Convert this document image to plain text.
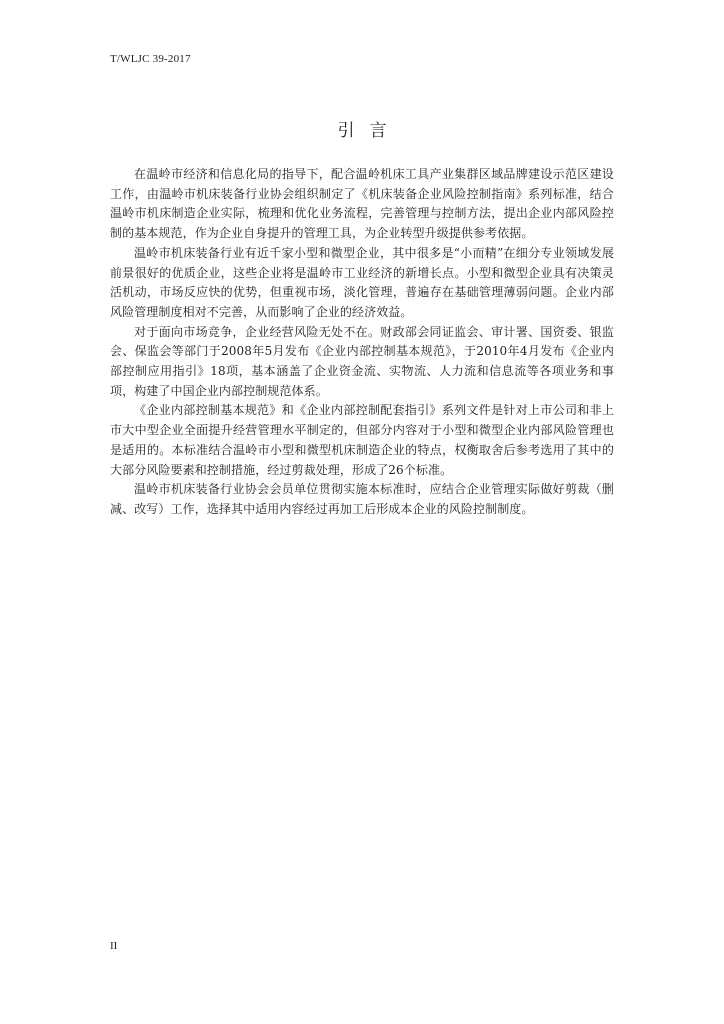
T/WLJC 39-2017
引言

在温岭市经济和信息化局的指导下，配合温岭机床工具产业集群区域品牌建设示范区建设工作，由温岭市机床装备行业协会组织制定了《机床装备企业风险控制指南》系列标准，结合温岭市机床制造企业实际，梳理和优化业务流程，完善管理与控制方法，提出企业内部风险控制的基本规范，作为企业自身提升的管理工具，为企业转型升级提供参考依据。

温岭市机床装备行业有近千家小型和微型企业，其中很多是“小而精”在细分专业领域发展前景很好的优质企业，这些企业将是温岭市工业经济的新增长点。小型和微型企业具有决策灵活机动，市场反应快的优势，但重视市场，淡化管理，普遍存在基础管理薄弱问题。企业内部风险管理制度相对不完善，从而影响了企业的经济效益。

对于面向市场竞争，企业经营风险无处不在。财政部会同证监会、审计署、国资委、银监会、保监会等部门于2008年5月发布《企业内部控制基本规范》，于2010年4月发布《企业内部控制应用指引》18项，基本涵盖了企业资金流、实物流、人力流和信息流等各项业务和事项，构建了中国企业内部控制规范体系。

《企业内部控制基本规范》和《企业内部控制配套指引》系列文件是针对上市公司和非上市大中型企业全面提升经营管理水平制定的，但部分内容对于小型和微型企业内部风险管理也是适用的。本标准结合温岭市小型和微型机床制造企业的特点，权衡取舍后参考选用了其中的大部分风险要素和控制措施，经过剪裁处理，形成了26个标准。

温岭市机床装备行业协会会员单位贯彻实施本标准时，应结合企业管理实际做好剪裁（删减、改写）工作，选择其中适用内容经过再加工后形成本企业的风险控制制度。

II
